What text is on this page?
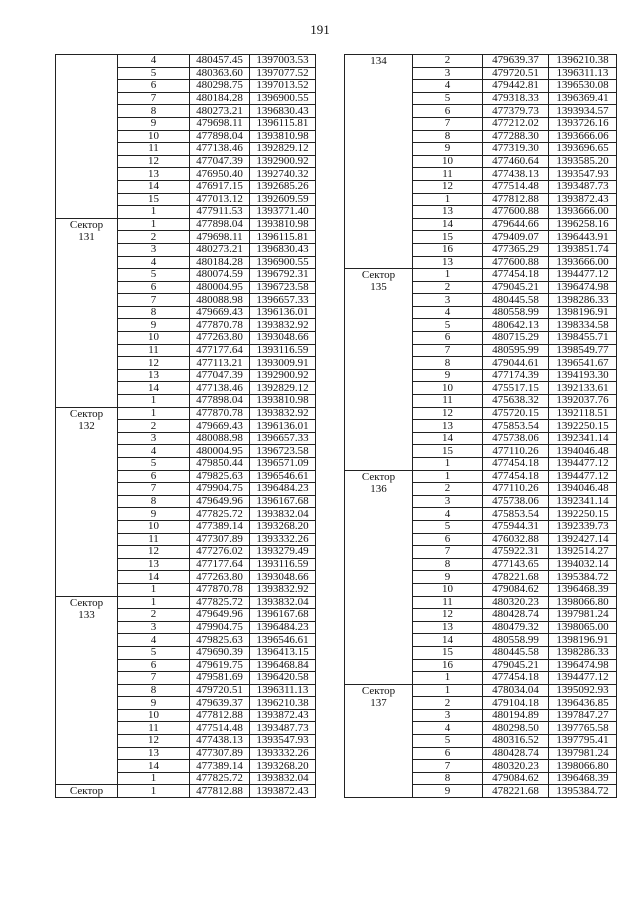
191
	4	480457.45	1397003.53
	5	480363.60	1397077.52
	6	480298.75	1397013.52
	7	480184.28	1396900.55
	8	480273.21	1396830.43
	9	479698.11	1396115.81
	10	477898.04	1393810.98
	11	477138.46	1392829.12
	12	477047.39	1392900.92
	13	476950.40	1392740.32
	14	476917.15	1392685.26
	15	477013.12	1392609.59
	1	477911.53	1393771.40

Сектор
131	1	477898.04	1393810.98
	2	479698.11	1396115.81
	3	480273.21	1396830.43
	4	480184.28	1396900.55
	5	480074.59	1396792.31
	6	480004.95	1396723.58
	7	480088.98	1396657.33
	8	479669.43	1396136.01
	9	477870.78	1393832.92
	10	477263.80	1393048.66
	11	477177.64	1393116.59
	12	477113.21	1393009.91
	13	477047.39	1392900.92
	14	477138.46	1392829.12
	1	477898.04	1393810.98

Сектор
132	1	477870.78	1393832.92
	2	479669.43	1396136.01
	3	480088.98	1396657.33
	4	480004.95	1396723.58
	5	479850.44	1396571.09
	6	479825.63	1396546.61
	7	479904.75	1396484.23
	8	479649.96	1396167.68
	9	477825.72	1393832.04
	10	477389.14	1393268.20
	11	477307.89	1393332.26
	12	477276.02	1393279.49
	13	477177.64	1393116.59
	14	477263.80	1393048.66
	1	477870.78	1393832.92

Сектор
133	1	477825.72	1393832.04
	2	479649.96	1396167.68
	3	479904.75	1396484.23
	4	479825.63	1396546.61
	5	479690.39	1396413.15
	6	479619.75	1396468.84
	7	479581.69	1396420.58
	8	479720.51	1396311.13
	9	479639.37	1396210.38
	10	477812.88	1393872.43
	11	477514.48	1393487.73
	12	477438.13	1393547.93
	13	477307.89	1393332.26
	14	477389.14	1393268.20
	1	477825.72	1393832.04

Сектор	1	477812.88	1393872.43
134	2	479639.37	1396210.38
	3	479720.51	1396311.13
	4	479442.81	1396530.08
	5	479318.33	1396369.41
	6	477379.73	1393934.57
	7	477212.02	1393726.16
	8	477288.30	1393666.06
	9	477319.30	1393696.65
	10	477460.64	1393585.20
	11	477438.13	1393547.93
	12	477514.48	1393487.73
	1	477812.88	1393872.43
	13	477600.88	1393666.00
	14	479644.66	1396258.16
	15	479409.07	1396443.91
	16	477365.29	1393851.74
	13	477600.88	1393666.00

Сектор
135	1	477454.18	1394477.12
	2	479045.21	1396474.98
	3	480445.58	1398286.33
	4	480558.99	1398196.91
	5	480642.13	1398334.58
	6	480715.29	1398455.71
	7	480595.99	1398549.77
	8	479044.61	1396541.67
	9	477174.39	1394193.30
	10	475517.15	1392133.61
	11	475638.32	1392037.76
	12	475720.15	1392118.51
	13	475853.54	1392250.15
	14	475738.06	1392341.14
	15	477110.26	1394046.48
	1	477454.18	1394477.12

Сектор
136	1	477454.18	1394477.12
	2	477110.26	1394046.48
	3	475738.06	1392341.14
	4	475853.54	1392250.15
	5	475944.31	1392339.73
	6	476032.88	1392427.14
	7	475922.31	1392514.27
	8	477143.65	1394032.14
	9	478221.68	1395384.72
	10	479084.62	1396468.39
	11	480320.23	1398066.80
	12	480428.74	1397981.24
	13	480479.32	1398065.00
	14	480558.99	1398196.91
	15	480445.58	1398286.33
	16	479045.21	1396474.98
	1	477454.18	1394477.12

Сектор
137	1	478034.04	1395092.93
	2	479104.18	1396436.85
	3	480194.89	1397847.27
	4	480298.50	1397765.58
	5	480316.52	1397795.41
	6	480428.74	1397981.24
	7	480320.23	1398066.80
	8	479084.62	1396468.39
	9	478221.68	1395384.72
